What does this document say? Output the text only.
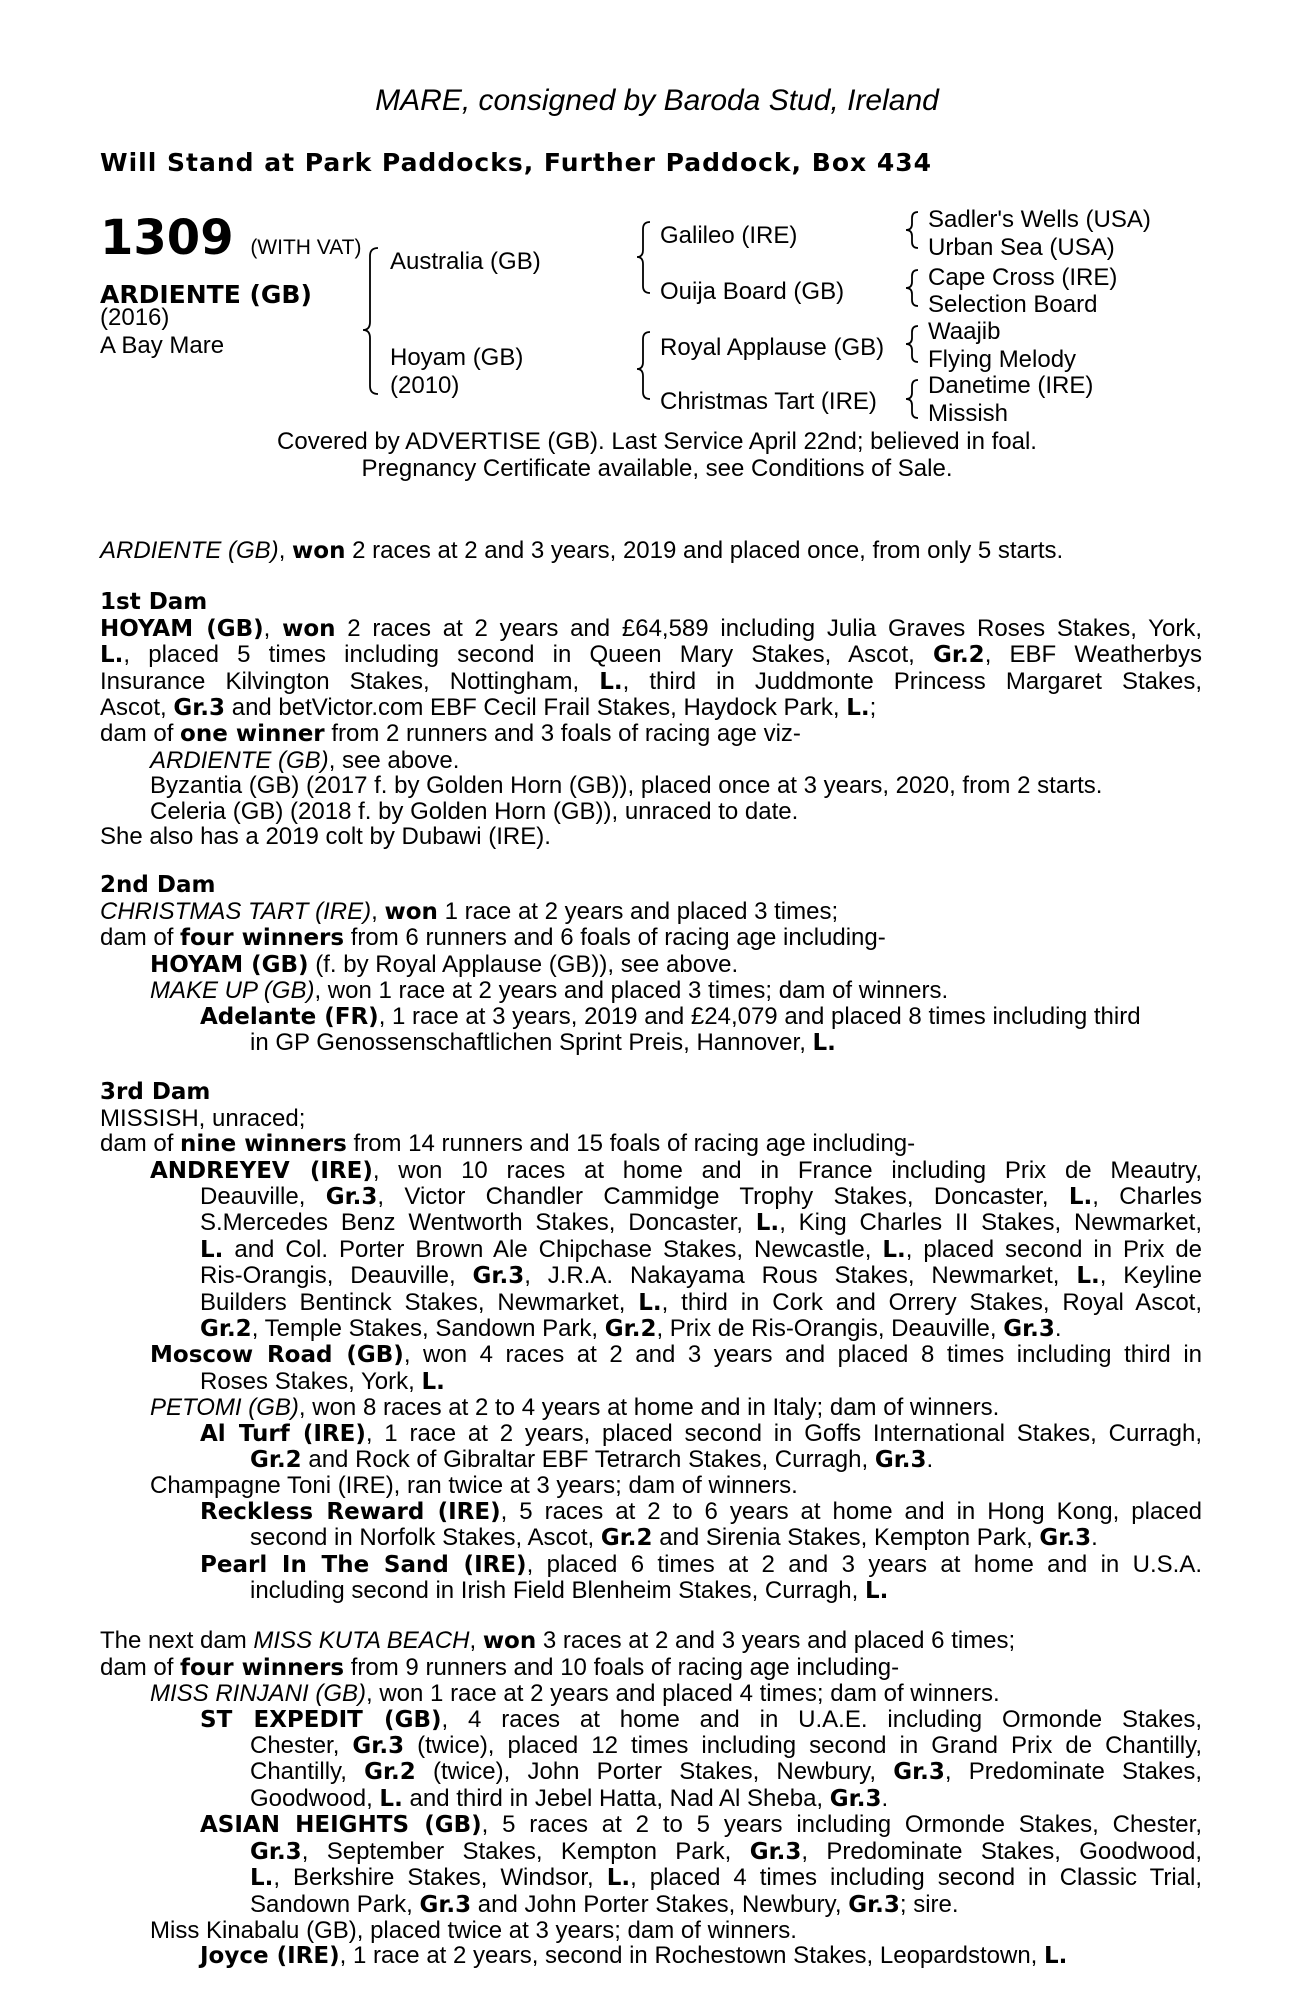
MARE, consigned by Baroda Stud, Ireland
Will Stand at Park Paddocks, Further Paddock, Box 434
1309 (WITH VAT)
ARDIENTE (GB)
(2016)
A Bay Mare
Australia (GB)
Hoyam (GB)
(2010)
Galileo (IRE)
Ouija Board (GB)
Royal Applause (GB)
Christmas Tart (IRE)
Sadler's Wells (USA)
Urban Sea (USA)
Cape Cross (IRE)
Selection Board
Waajib
Flying Melody
Danetime (IRE)
Missish
Covered by ADVERTISE (GB). Last Service April 22nd; believed in foal.
Pregnancy Certificate available, see Conditions of Sale.
ARDIENTE (GB), won 2 races at 2 and 3 years, 2019 and placed once, from only 5 starts.
1st Dam
HOYAM (GB), won 2 races at 2 years and £64,589 including Julia Graves Roses Stakes, York,
L., placed 5 times including second in Queen Mary Stakes, Ascot, Gr.2, EBF Weatherbys
Insurance Kilvington Stakes, Nottingham, L., third in Juddmonte Princess Margaret Stakes,
Ascot, Gr.3 and betVictor.com EBF Cecil Frail Stakes, Haydock Park, L.;
dam of one winner from 2 runners and 3 foals of racing age viz-
ARDIENTE (GB), see above.
Byzantia (GB) (2017 f. by Golden Horn (GB)), placed once at 3 years, 2020, from 2 starts.
Celeria (GB) (2018 f. by Golden Horn (GB)), unraced to date.
She also has a 2019 colt by Dubawi (IRE).
2nd Dam
CHRISTMAS TART (IRE), won 1 race at 2 years and placed 3 times;
dam of four winners from 6 runners and 6 foals of racing age including-
HOYAM (GB) (f. by Royal Applause (GB)), see above.
MAKE UP (GB), won 1 race at 2 years and placed 3 times; dam of winners.
Adelante (FR), 1 race at 3 years, 2019 and £24,079 and placed 8 times including third
in GP Genossenschaftlichen Sprint Preis, Hannover, L.
3rd Dam
MISSISH, unraced;
dam of nine winners from 14 runners and 15 foals of racing age including-
ANDREYEV (IRE), won 10 races at home and in France including Prix de Meautry,
Deauville, Gr.3, Victor Chandler Cammidge Trophy Stakes, Doncaster, L., Charles
S.Mercedes Benz Wentworth Stakes, Doncaster, L., King Charles II Stakes, Newmarket,
L. and Col. Porter Brown Ale Chipchase Stakes, Newcastle, L., placed second in Prix de
Ris-Orangis, Deauville, Gr.3, J.R.A. Nakayama Rous Stakes, Newmarket, L., Keyline
Builders Bentinck Stakes, Newmarket, L., third in Cork and Orrery Stakes, Royal Ascot,
Gr.2, Temple Stakes, Sandown Park, Gr.2, Prix de Ris-Orangis, Deauville, Gr.3.
Moscow Road (GB), won 4 races at 2 and 3 years and placed 8 times including third in
Roses Stakes, York, L.
PETOMI (GB), won 8 races at 2 to 4 years at home and in Italy; dam of winners.
Al Turf (IRE), 1 race at 2 years, placed second in Goffs International Stakes, Curragh,
Gr.2 and Rock of Gibraltar EBF Tetrarch Stakes, Curragh, Gr.3.
Champagne Toni (IRE), ran twice at 3 years; dam of winners.
Reckless Reward (IRE), 5 races at 2 to 6 years at home and in Hong Kong, placed
second in Norfolk Stakes, Ascot, Gr.2 and Sirenia Stakes, Kempton Park, Gr.3.
Pearl In The Sand (IRE), placed 6 times at 2 and 3 years at home and in U.S.A.
including second in Irish Field Blenheim Stakes, Curragh, L.
The next dam MISS KUTA BEACH, won 3 races at 2 and 3 years and placed 6 times;
dam of four winners from 9 runners and 10 foals of racing age including-
MISS RINJANI (GB), won 1 race at 2 years and placed 4 times; dam of winners.
ST EXPEDIT (GB), 4 races at home and in U.A.E. including Ormonde Stakes,
Chester, Gr.3 (twice), placed 12 times including second in Grand Prix de Chantilly,
Chantilly, Gr.2 (twice), John Porter Stakes, Newbury, Gr.3, Predominate Stakes,
Goodwood, L. and third in Jebel Hatta, Nad Al Sheba, Gr.3.
ASIAN HEIGHTS (GB), 5 races at 2 to 5 years including Ormonde Stakes, Chester,
Gr.3, September Stakes, Kempton Park, Gr.3, Predominate Stakes, Goodwood,
L., Berkshire Stakes, Windsor, L., placed 4 times including second in Classic Trial,
Sandown Park, Gr.3 and John Porter Stakes, Newbury, Gr.3; sire.
Miss Kinabalu (GB), placed twice at 3 years; dam of winners.
Joyce (IRE), 1 race at 2 years, second in Rochestown Stakes, Leopardstown, L.
